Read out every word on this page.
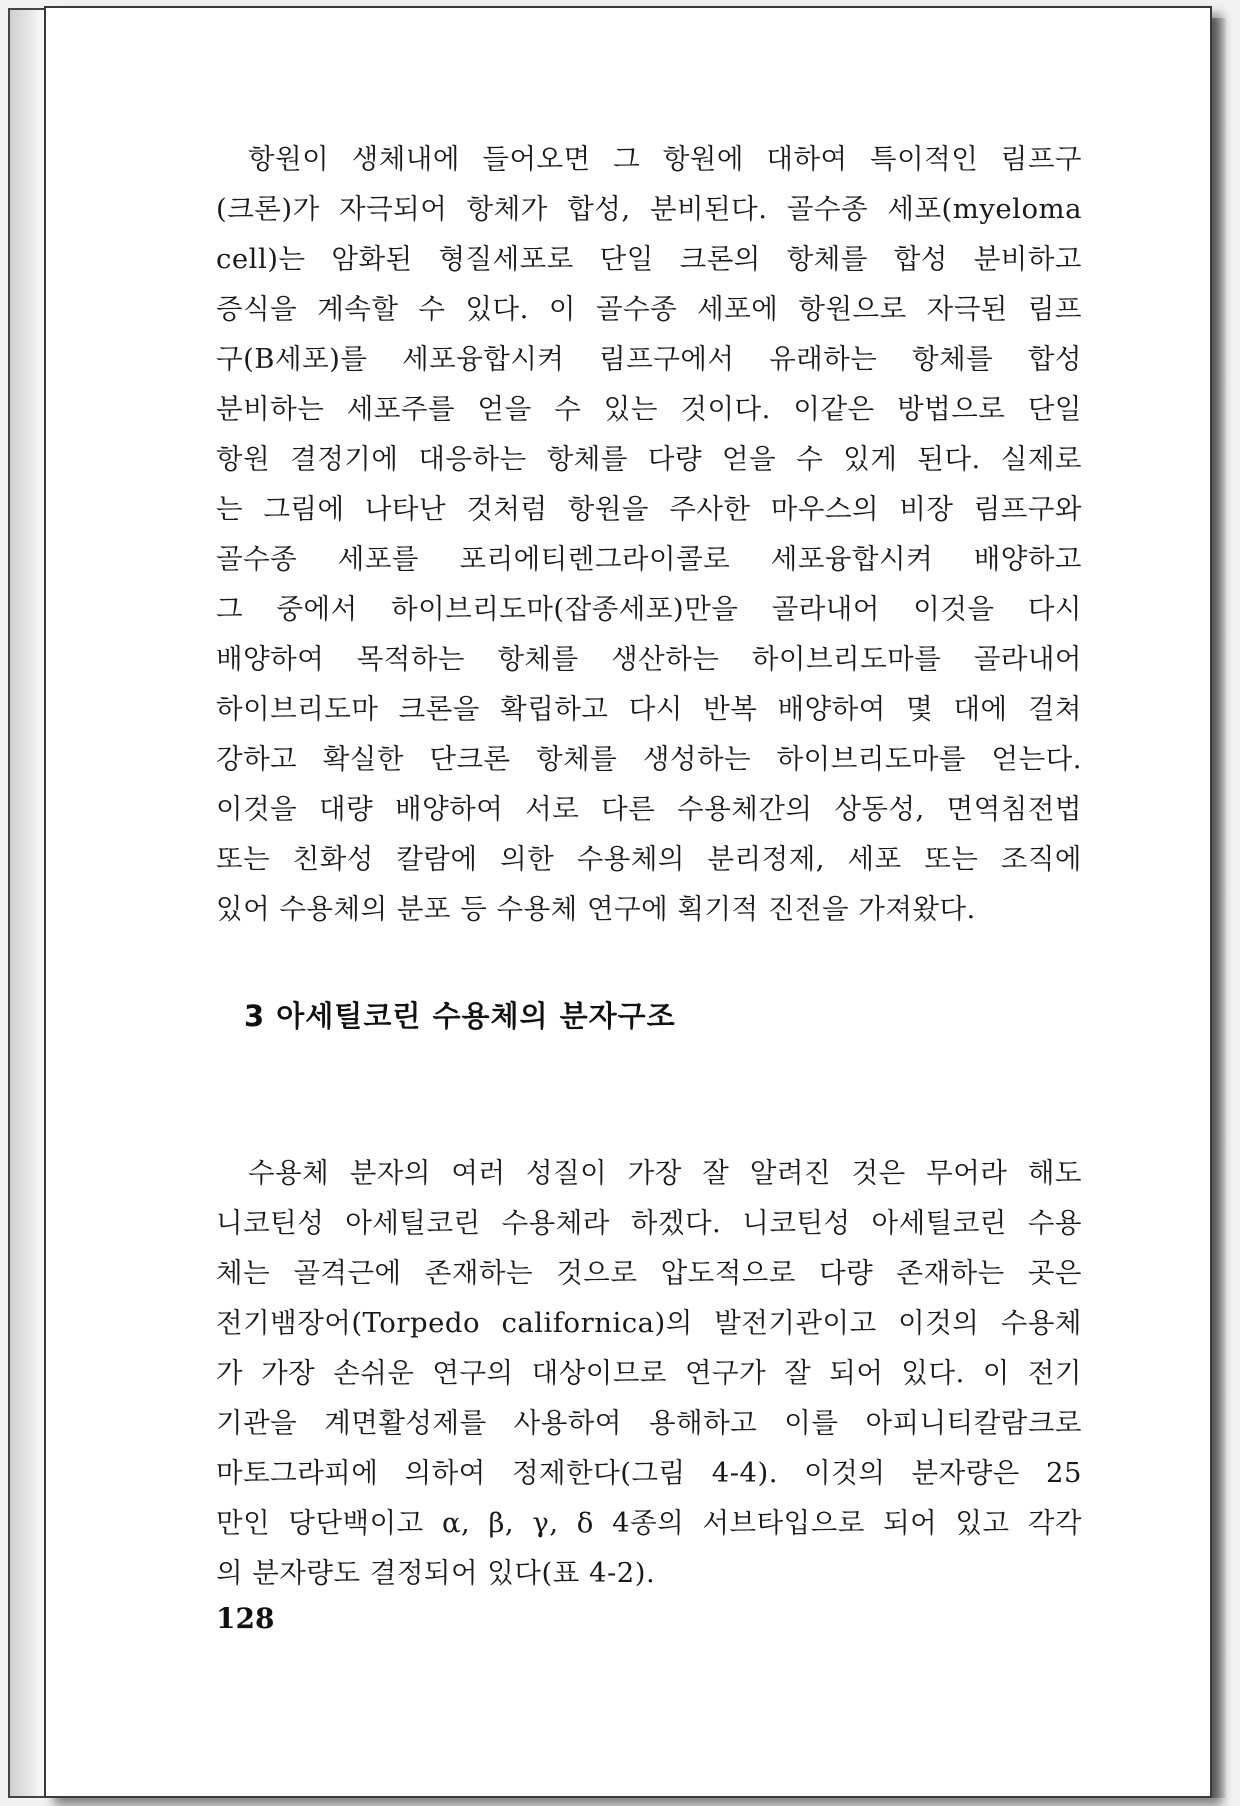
항원이 생체내에 들어오면 그 항원에 대하여 특이적인 림프구

(크론)가 자극되어 항체가 합성, 분비된다. 골수종 세포(myeloma

cell)는 암화된 형질세포로 단일 크론의 항체를 합성 분비하고

증식을 계속할 수 있다. 이 골수종 세포에 항원으로 자극된 림프

구(B세포)를 세포융합시켜 림프구에서 유래하는 항체를 합성

분비하는 세포주를 얻을 수 있는 것이다. 이같은 방법으로 단일

항원 결정기에 대응하는 항체를 다량 얻을 수 있게 된다. 실제로

는 그림에 나타난 것처럼 항원을 주사한 마우스의 비장 림프구와

골수종 세포를 포리에티렌그라이콜로 세포융합시켜 배양하고

그 중에서 하이브리도마(잡종세포)만을 골라내어 이것을 다시

배양하여 목적하는 항체를 생산하는 하이브리도마를 골라내어

하이브리도마 크론을 확립하고 다시 반복 배양하여 몇 대에 걸쳐

강하고 확실한 단크론 항체를 생성하는 하이브리도마를 얻는다.

이것을 대량 배양하여 서로 다른 수용체간의 상동성, 면역침전법

또는 친화성 칼람에 의한 수용체의 분리정제, 세포 또는 조직에

있어 수용체의 분포 등 수용체 연구에 획기적 진전을 가져왔다.

3 아세틸코린 수용체의 분자구조

수용체 분자의 여러 성질이 가장 잘 알려진 것은 무어라 해도

니코틴성 아세틸코린 수용체라 하겠다. 니코틴성 아세틸코린 수용

체는 골격근에 존재하는 것으로 압도적으로 다량 존재하는 곳은

전기뱀장어(Torpedo californica)의 발전기관이고 이것의 수용체

가 가장 손쉬운 연구의 대상이므로 연구가 잘 되어 있다. 이 전기

기관을 계면활성제를 사용하여 용해하고 이를 아피니티칼람크로

마토그라피에 의하여 정제한다(그림 4-4). 이것의 분자량은 25

만인 당단백이고 α, β, γ, δ 4종의 서브타입으로 되어 있고 각각

의 분자량도 결정되어 있다(표 4-2).

128
